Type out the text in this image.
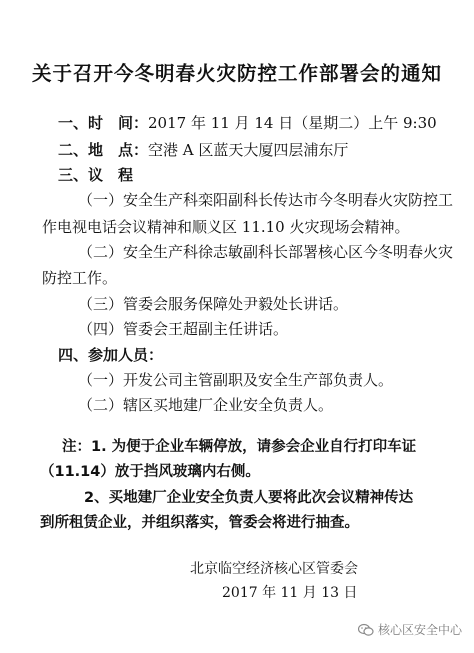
关于召开今冬明春火灾防控工作部署会的通知
一、时　间：2017 年 11 月 14 日（星期二）上午 9:30
二、地　点：空港 A 区蓝天大厦四层浦东厅
三、议　程
（一）安全生产科栾阳副科长传达市今冬明春火灾防控工
作电视电话会议精神和顺义区 11.10 火灾现场会精神。
（二）安全生产科徐志敏副科长部署核心区今冬明春火灾
防控工作。
（三）管委会服务保障处尹毅处长讲话。
（四）管委会王超副主任讲话。
四、参加人员：
（一）开发公司主管副职及安全生产部负责人。
（二）辖区买地建厂企业安全负责人。
注：1. 为便于企业车辆停放，请参会企业自行打印车证
（11.14）放于挡风玻璃内右侧。
2、买地建厂企业安全负责人要将此次会议精神传达
到所租赁企业，并组织落实，管委会将进行抽查。
北京临空经济核心区管委会
2017 年 11 月 13 日
核心区安全中心
